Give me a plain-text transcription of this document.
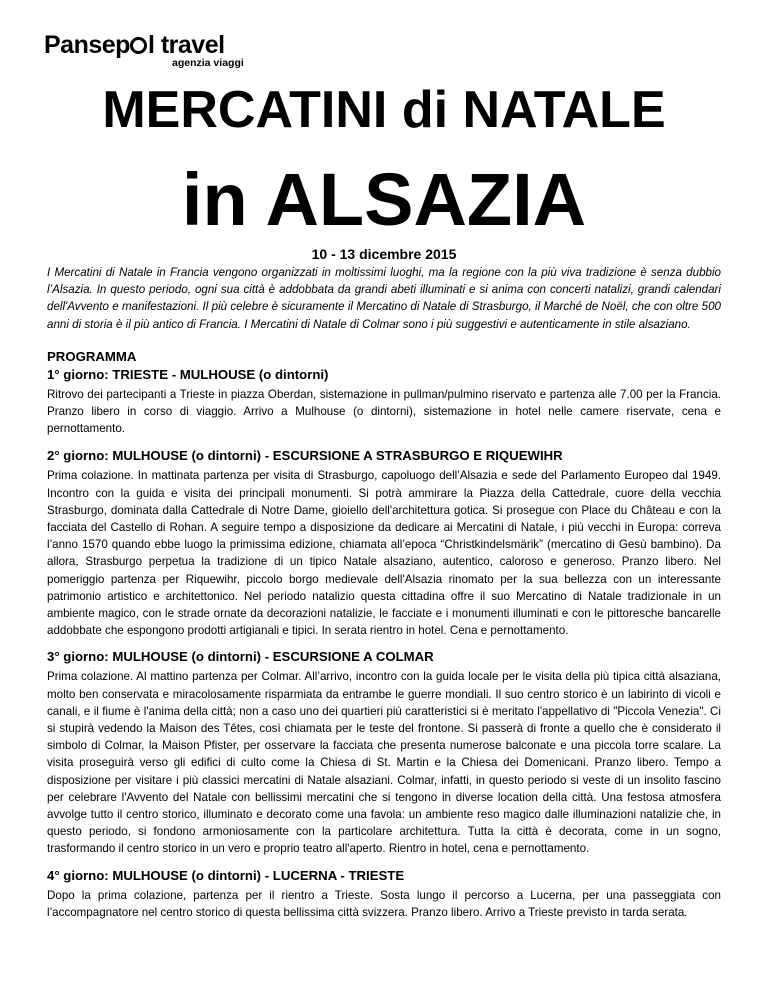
Pansep l travel
agenzia viaggi
MERCATINI di NATALE
in ALSAZIA
10 - 13 dicembre 2015

I Mercatini di Natale in Francia vengono organizzati in moltissimi luoghi, ma la regione con la più viva tradizione è senza dubbio l’Alsazia. In questo periodo, ogni sua città è addobbata da grandi abeti illuminati e si anima con concerti natalizi, grandi calendari dell'Avvento e manifestazioni. Il più celebre è sicuramente il Mercatino di Natale di Strasburgo, il Marché de Noël, che con oltre 500 anni di storia è il più antico di Francia. I Mercatini di Natale di Colmar sono i più suggestivi e autenticamente in stile alsaziano.

PROGRAMMA

1° giorno: TRIESTE - MULHOUSE (o dintorni)

Ritrovo dei partecipanti a Trieste in piazza Oberdan, sistemazione in pullman/pulmino riservato e partenza alle 7.00 per la Francia. Pranzo libero in corso di viaggio. Arrivo a Mulhouse (o dintorni), sistemazione in hotel nelle camere riservate, cena e pernottamento.

2° giorno: MULHOUSE (o dintorni) - ESCURSIONE A STRASBURGO E RIQUEWIHR

Prima colazione. In mattinata partenza per visita di Strasburgo, capoluogo dell’Alsazia e sede del Parlamento Europeo dal 1949. Incontro con la guida e visita dei principali monumenti. Si potrà ammirare la Piazza della Cattedrale, cuore della vecchia Strasburgo, dominata dalla Cattedrale di Notre Dame, gioiello dell'architettura gotica. Si prosegue con Place du Château e con la facciata del Castello di Rohan. A seguire tempo a disposizione da dedicare ai Mercatini di Natale, i più vecchi in Europa: correva l’anno 1570 quando ebbe luogo la primissima edizione, chiamata all’epoca “Christkindelsmärik” (mercatino di Gesù bambino). Da allora, Strasburgo perpetua la tradizione di un tipico Natale alsaziano, autentico, caloroso e generoso. Pranzo libero. Nel pomeriggio partenza per Riquewihr, piccolo borgo medievale dell'Alsazia rinomato per la sua bellezza con un interessante patrimonio artistico e architettonico. Nel periodo natalizio questa cittadina offre il suo Mercatino di Natale tradizionale in un ambiente magico, con le strade ornate da decorazioni natalizie, le facciate e i monumenti illuminati e con le pittoresche bancarelle addobbate che espongono prodotti artigianali e tipici. In serata rientro in hotel. Cena e pernottamento.

3° giorno: MULHOUSE (o dintorni) - ESCURSIONE A COLMAR

Prima colazione. Al mattino partenza per Colmar. All’arrivo, incontro con la guida locale per le visita della più tipica città alsaziana, molto ben conservata e miracolosamente risparmiata da entrambe le guerre mondiali. Il suo centro storico è un labirinto di vicoli e canali, e il fiume è l'anima della città; non a caso uno dei quartieri più caratteristici si è meritato l'appellativo di "Piccola Venezia". Ci si stupirà vedendo la Maison des Têtes, così chiamata per le teste del frontone. Si passerà di fronte a quello che è considerato il simbolo di Colmar, la Maison Pfister, per osservare la facciata che presenta numerose balconate e una piccola torre scalare. La visita proseguirà verso gli edifici di culto come la Chiesa di St. Martin e la Chiesa dei Domenicani. Pranzo libero. Tempo a disposizione per visitare i più classici mercatini di Natale alsaziani. Colmar, infatti, in questo periodo si veste di un insolito fascino per celebrare l'Avvento del Natale con bellissimi mercatini che si tengono in diverse location della città. Una festosa atmosfera avvolge tutto il centro storico, illuminato e decorato come una favola: un ambiente reso magico dalle illuminazioni natalizie che, in questo periodo, si fondono armoniosamente con la particolare architettura. Tutta la città è decorata, come in un sogno, trasformando il centro storico in un vero e proprio teatro all'aperto. Rientro in hotel, cena e pernottamento.

4° giorno: MULHOUSE (o dintorni) - LUCERNA - TRIESTE

Dopo la prima colazione, partenza per il rientro a Trieste. Sosta lungo il percorso a Lucerna, per una passeggiata con l’accompagnatore nel centro storico di questa bellissima città svizzera. Pranzo libero. Arrivo a Trieste previsto in tarda serata.
